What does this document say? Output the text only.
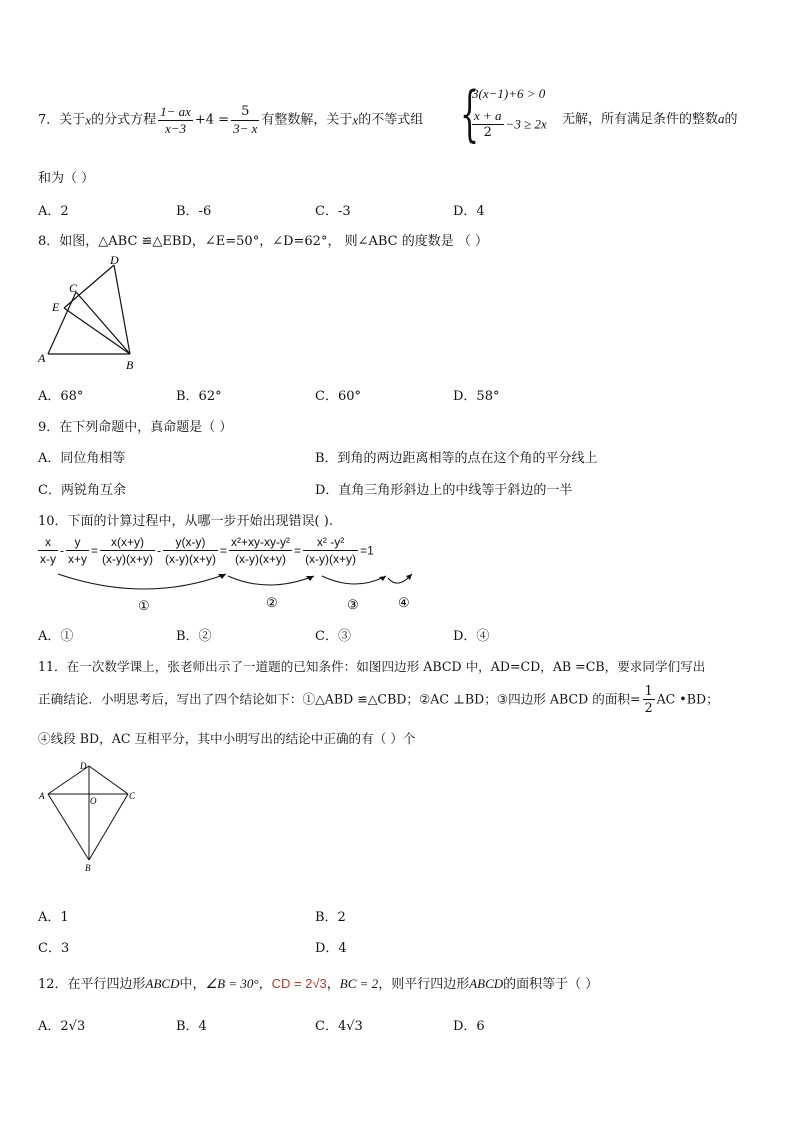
7．关于x的分式方程 $\frac{1- ax}{x-3} +4 = \frac{5}{3- x}$ 有整数解，关于x的不等式组 {
3(x−1)+6 > 0
$\frac{x + a}{2} -3 \ge 2x$ 无解，所有满足条件的整数a的
和为（ ）
A．2	B．-6	C．-3	D．4
8．如图，△ABC ≌△EBD，∠E=50°，∠D=62°， 则∠ABC 的度数是 （ ）
D
C
E
A	B
A．68°	B．62°	C．60°	D．58°
9．在下列命题中，真命题是（ ）
A．同位角相等	B．到角的两边距离相等的点在这个角的平分线上
C．两锐角互余	D．直角三角形斜边上的中线等于斜边的一半
10．下面的计算过程中，从哪一步开始出现错误( ).
$\frac{x}{x-y} - \frac{y}{x+y} = \frac{x(x+y)}{(x-y)(x+y)} - \frac{y(x-y)}{(x-y)(x+y)} = \frac{\text{x²+xy-xy-y²}}{(x-y)(x+y)} = \frac{\text{x² -y²}}{(x-y)(x+y)} =1$
①	②	③	④
A．①	B．②	C．③	D．④
11．在一次数学课上，张老师出示了一道题的已知条件：如图四边形 ABCD 中，AD=CD，AB =CB，要求同学们写出
正确结论．小明思考后，写出了四个结论如下：①△ABD ≌△CBD；②AC ⊥BD；③四边形 ABCD 的面积= $\frac{1}{2}$ AC •BD；
④线段 BD，AC 互相平分，其中小明写出的结论中正确的有（ ）个
D
A	C
O
B
A．1	B．2
C．3	D．4
12．在平行四边形ABCD中，∠B = 30°，CD = 2√3，BC = 2，则平行四边形ABCD的面积等于（ ）
A．2√3	B．4	C．4√3	D．6
